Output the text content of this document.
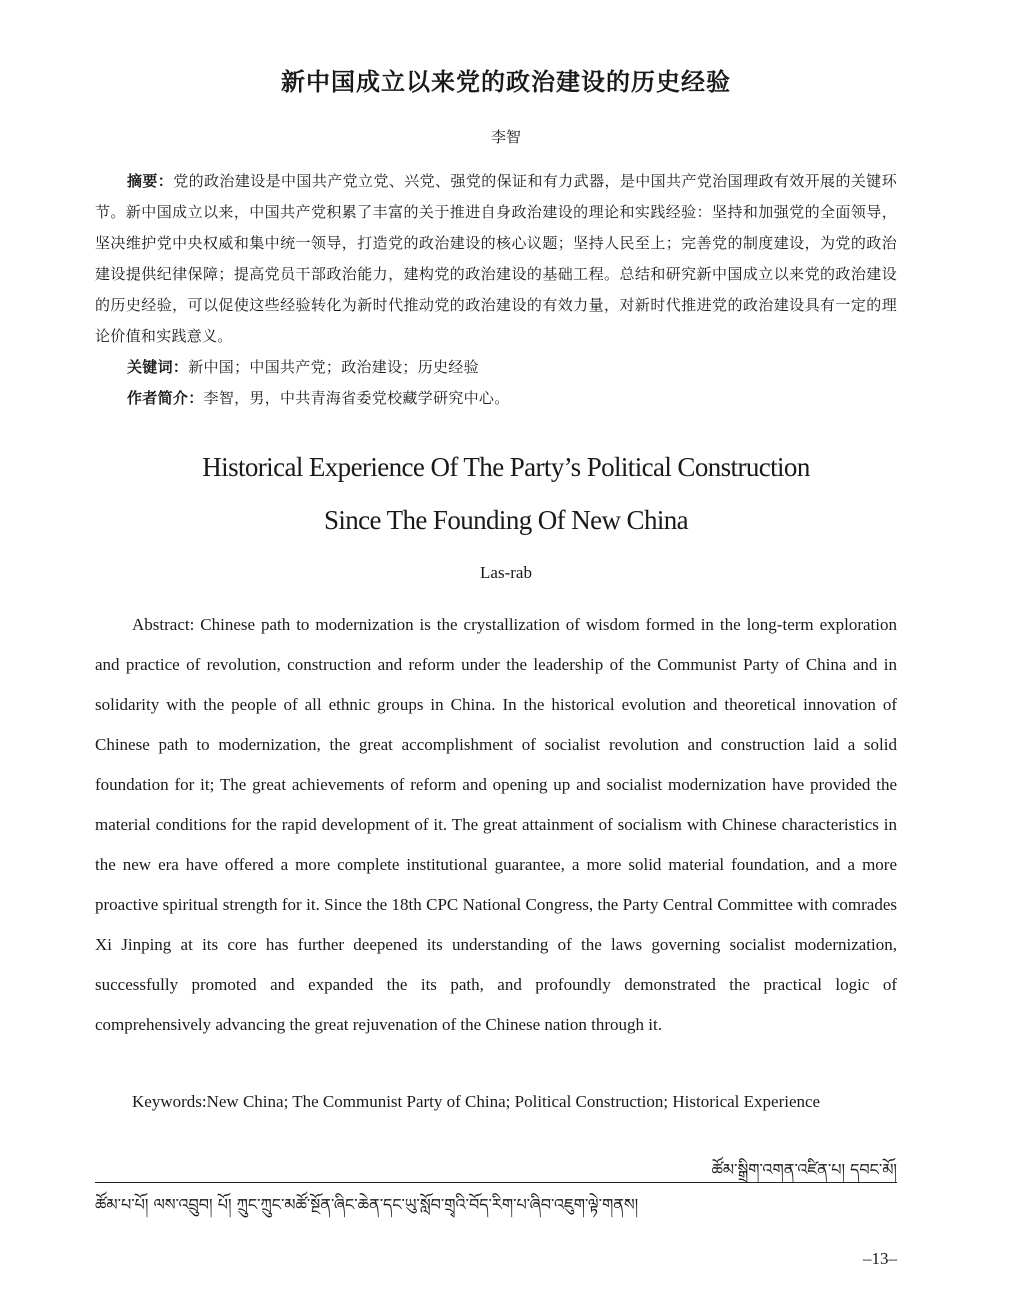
新中国成立以来党的政治建设的历史经验
李智

摘要：党的政治建设是中国共产党立党、兴党、强党的保证和有力武器，是中国共产党治国理政有效开展的关键环节。新中国成立以来，中国共产党积累了丰富的关于推进自身政治建设的理论和实践经验：坚持和加强党的全面领导，坚决维护党中央权威和集中统一领导，打造党的政治建设的核心议题；坚持人民至上；完善党的制度建设，为党的政治建设提供纪律保障；提高党员干部政治能力，建构党的政治建设的基础工程。总结和研究新中国成立以来党的政治建设的历史经验，可以促使这些经验转化为新时代推动党的政治建设的有效力量，对新时代推进党的政治建设具有一定的理论价值和实践意义。

关键词：新中国；中国共产党；政治建设；历史经验

作者简介：李智，男，中共青海省委党校藏学研究中心。

Historical Experience Of The Party’s Political Construction
Since The Founding Of New China
Las-rab

Abstract: Chinese path to modernization is the crystallization of wisdom formed in the long-term exploration and practice of revolution, construction and reform under the leadership of the Communist Party of China and in solidarity with the people of all ethnic groups in China. In the historical evolution and theoretical innovation of Chinese path to modernization, the great accomplishment of socialist revolution and construction laid a solid foundation for it; The great achievements of reform and opening up and socialist modernization have provided the material conditions for the rapid development of it. The great attainment of socialism with Chinese characteristics in the new era have offered a more complete institutional guarantee, a more solid material foundation, and a more proactive spiritual strength for it. Since the 18th CPC National Congress, the Party Central Committee with comrades Xi Jinping at its core has further deepened its understanding of the laws governing socialist modernization, successfully promoted and expanded the its path, and profoundly demonstrated the practical logic of comprehensively advancing the great rejuvenation of the Chinese nation through it.

Keywords:New China; The Communist Party of China; Political Construction; Historical Experience
ཚོམ་སྒྲིག་འགན་འཛིན་པ། དབང་མོ།
ཚོམ་པ་པོ། ལས་འབྲུབ། པོ། ཀྲུང་ཀྲུང་མཚོ་སྔོན་ཞིང་ཆེན་དང་ཡུ་སློབ་གྲྭའི་བོད་རིག་པ་ཞིབ་འཇུག་ལྟེ་གནས།
–13–
